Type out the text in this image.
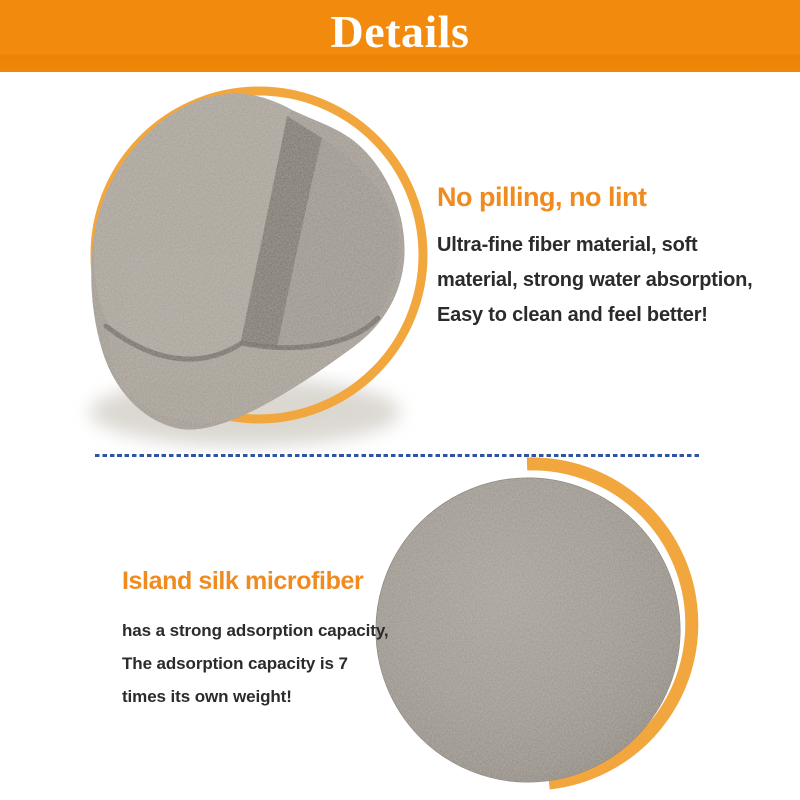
Details
No pilling, no lint

Ultra-fine fiber material, soft

material, strong water absorption,

Easy to clean and feel better!

Island silk microfiber

has a strong adsorption capacity,

The adsorption capacity is 7

times its own weight!
